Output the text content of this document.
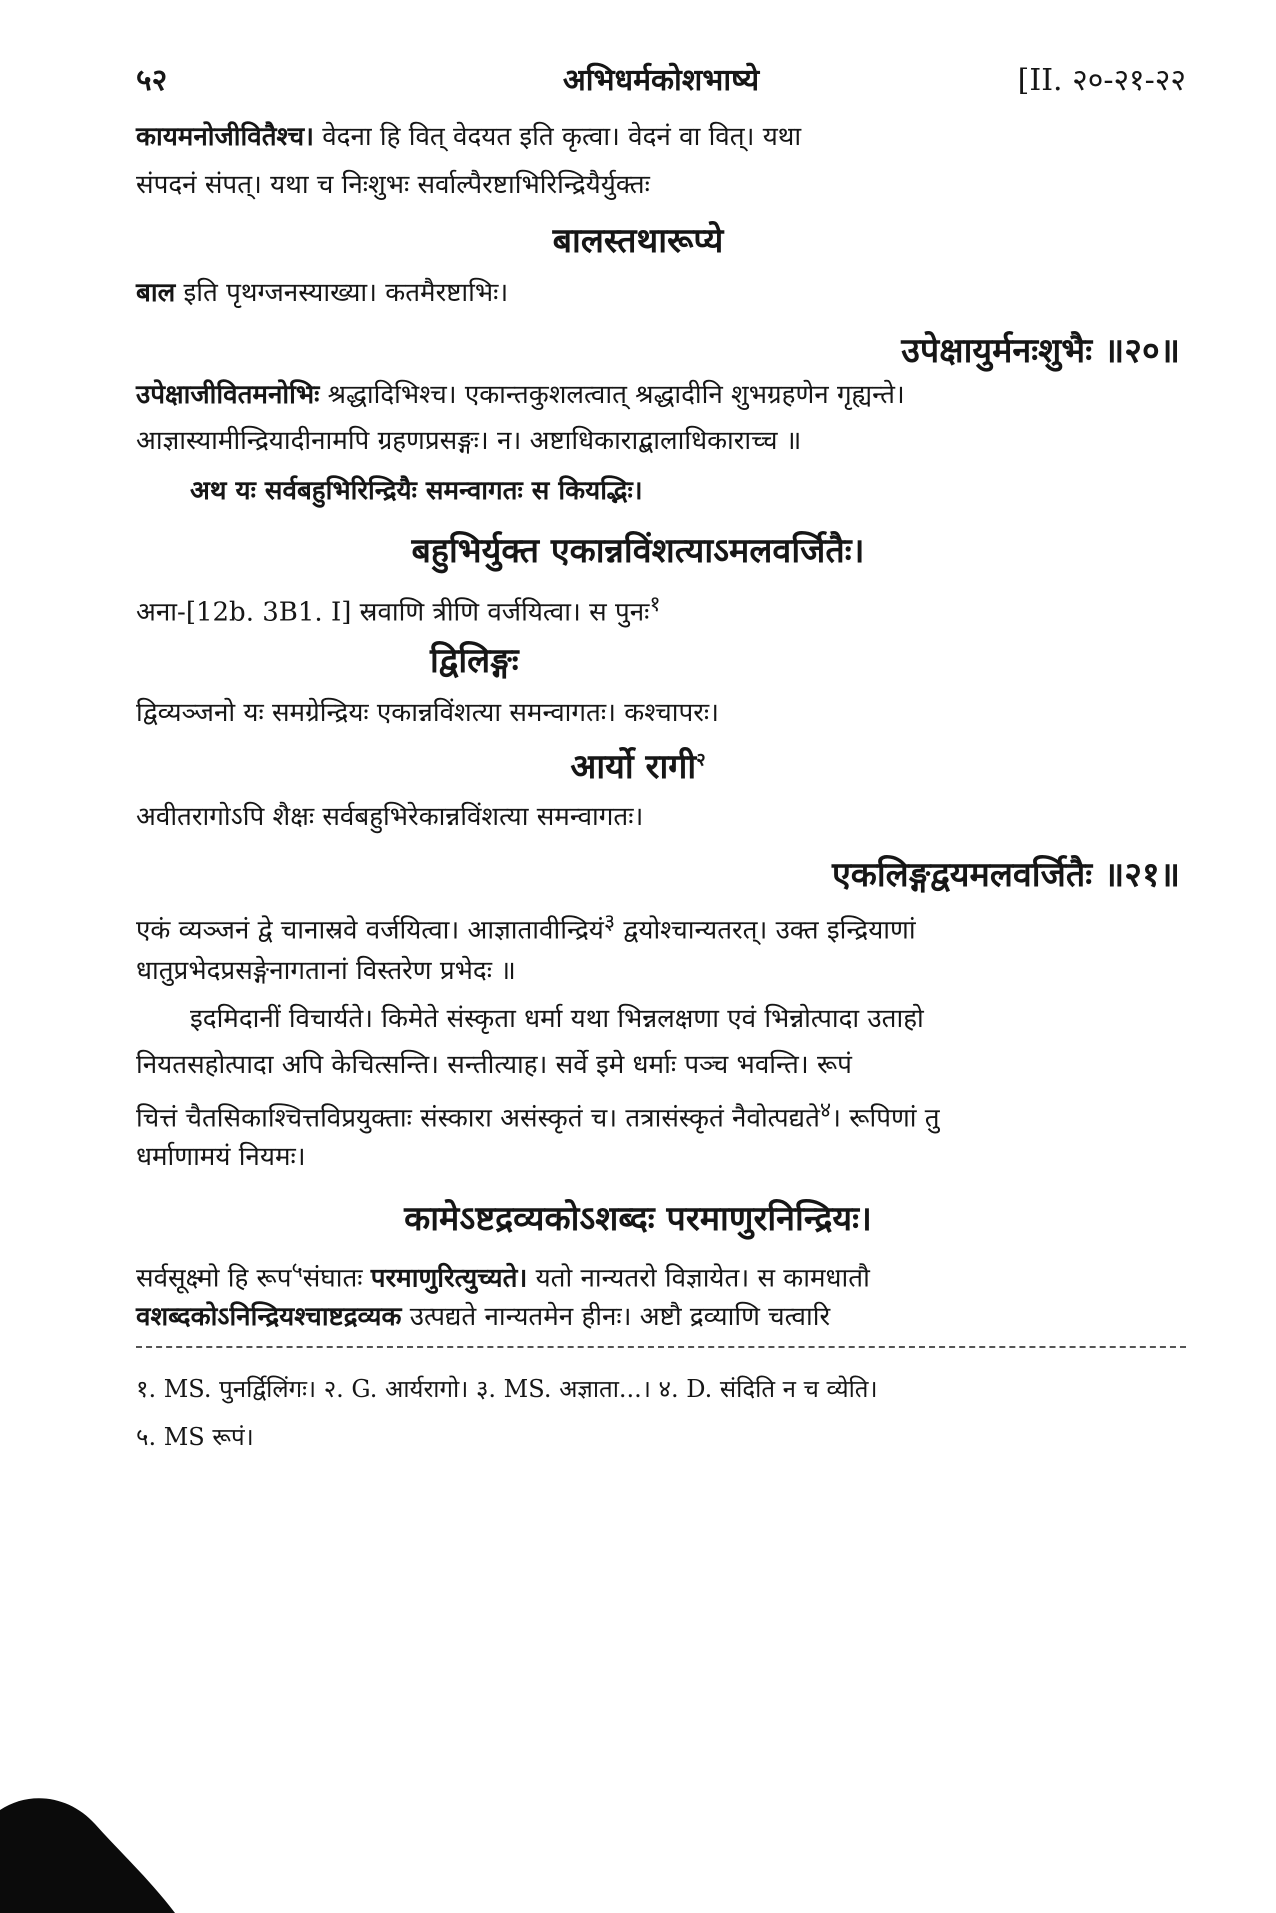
५२	अभिधर्मकोशभाष्ये	[II. २०-२१-२२
कायमनोजीवितैश्च। वेदना हि वित् वेदयत इति कृत्वा। वेदनं वा वित्। यथा
संपदनं संपत्। यथा च निःशुभः सर्वाल्पैरष्टाभिरिन्द्रियैर्युक्तः
बालस्तथारूप्ये
बाल इति पृथग्जनस्याख्या। कतमैरष्टाभिः।
उपेक्षायुर्मनःशुभैः ॥२०॥
उपेक्षाजीवितमनोभिः श्रद्धादिभिश्च। एकान्तकुशलत्वात् श्रद्धादीनि शुभग्रहणेन गृह्यन्ते।
आज्ञास्यामीन्द्रियादीनामपि ग्रहणप्रसङ्गः। न। अष्टाधिकाराद्बालाधिकाराच्च ॥
अथ यः सर्वबहुभिरिन्द्रियैः समन्वागतः स कियद्भिः।
बहुभिर्युक्त एकान्नविंशत्याऽमलवर्जितैः।
अना-[12b. 3B1. I] स्रवाणि त्रीणि वर्जयित्वा। स पुनः$^१$
द्विलिङ्गः
द्विव्यञ्जनो यः समग्रेन्द्रियः एकान्नविंशत्या समन्वागतः। कश्चापरः।
आर्यो रागी$^२$
अवीतरागोऽपि शैक्षः सर्वबहुभिरेकान्नविंशत्या समन्वागतः।
एकलिङ्गद्वयमलवर्जितैः ॥२१॥
एकं व्यञ्जनं द्वे चानास्रवे वर्जयित्वा। आज्ञातावीन्द्रियं$^३$ द्वयोश्चान्यतरत्। उक्त इन्द्रियाणां
धातुप्रभेदप्रसङ्गेनागतानां विस्तरेण प्रभेदः ॥
इदमिदानीं विचार्यते। किमेते संस्कृता धर्मा यथा भिन्नलक्षणा एवं भिन्नोत्पादा उताहो
नियतसहोत्पादा अपि केचित्सन्ति। सन्तीत्याह। सर्वे इमे धर्माः पञ्च भवन्ति। रूपं
चित्तं चैतसिकाश्चित्तविप्रयुक्ताः संस्कारा असंस्कृतं च। तत्रासंस्कृतं नैवोत्पद्यते$^४$। रूपिणां तु
धर्माणामयं नियमः।
कामेऽष्टद्रव्यकोऽशब्दः परमाणुरनिन्द्रियः।
सर्वसूक्ष्मो हि रूप$^५$संघातः परमाणुरित्युच्यते। यतो नान्यतरो विज्ञायेत। स कामधातौ
वशब्दकोऽनिन्द्रियश्चाष्टद्रव्यक उत्पद्यते नान्यतमेन हीनः। अष्टौ द्रव्याणि चत्वारि
१. MS. पुनर्द्विलिंगः। २. G. आर्यरागो। ३. MS. अज्ञाता...। ४. D. संदिति न च व्येति।
५. MS रूपं।
